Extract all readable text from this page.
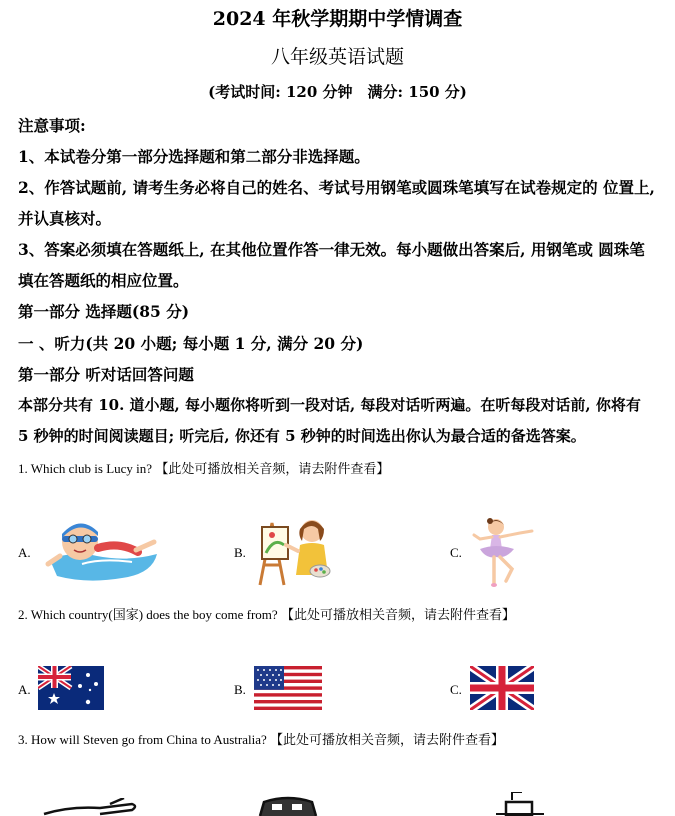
2024 年秋学期期中学情调查
八年级英语试题
(考试时间: 120 分钟　满分: 150 分)
注意事项:
1、本试卷分第一部分选择题和第二部分非选择题。
2、作答试题前, 请考生务必将自己的姓名、考试号用钢笔或圆珠笔填写在试卷规定的 位置上,
并认真核对。
3、答案必须填在答题纸上, 在其他位置作答一律无效。每小题做出答案后, 用钢笔或 圆珠笔
填在答题纸的相应位置。
第一部分 选择题(85 分)
一 、听力(共 20 小题; 每小题 1 分, 满分 20 分)
第一部分 听对话回答问题
本部分共有 10. 道小题, 每小题你将听到一段对话, 每段对话听两遍。在听每段对话前, 你将有
5 秒钟的时间阅读题目; 听完后, 你还有 5 秒钟的时间选出你认为最合适的备选答案。
1. Which club is Lucy in? 【此处可播放相关音频，请去附件查看】
A.	B.	C.
2. Which country(国家) does the boy come from? 【此处可播放相关音频，请去附件查看】
A.	B.	C.
3. How will Steven go from China to Australia? 【此处可播放相关音频，请去附件查看】
